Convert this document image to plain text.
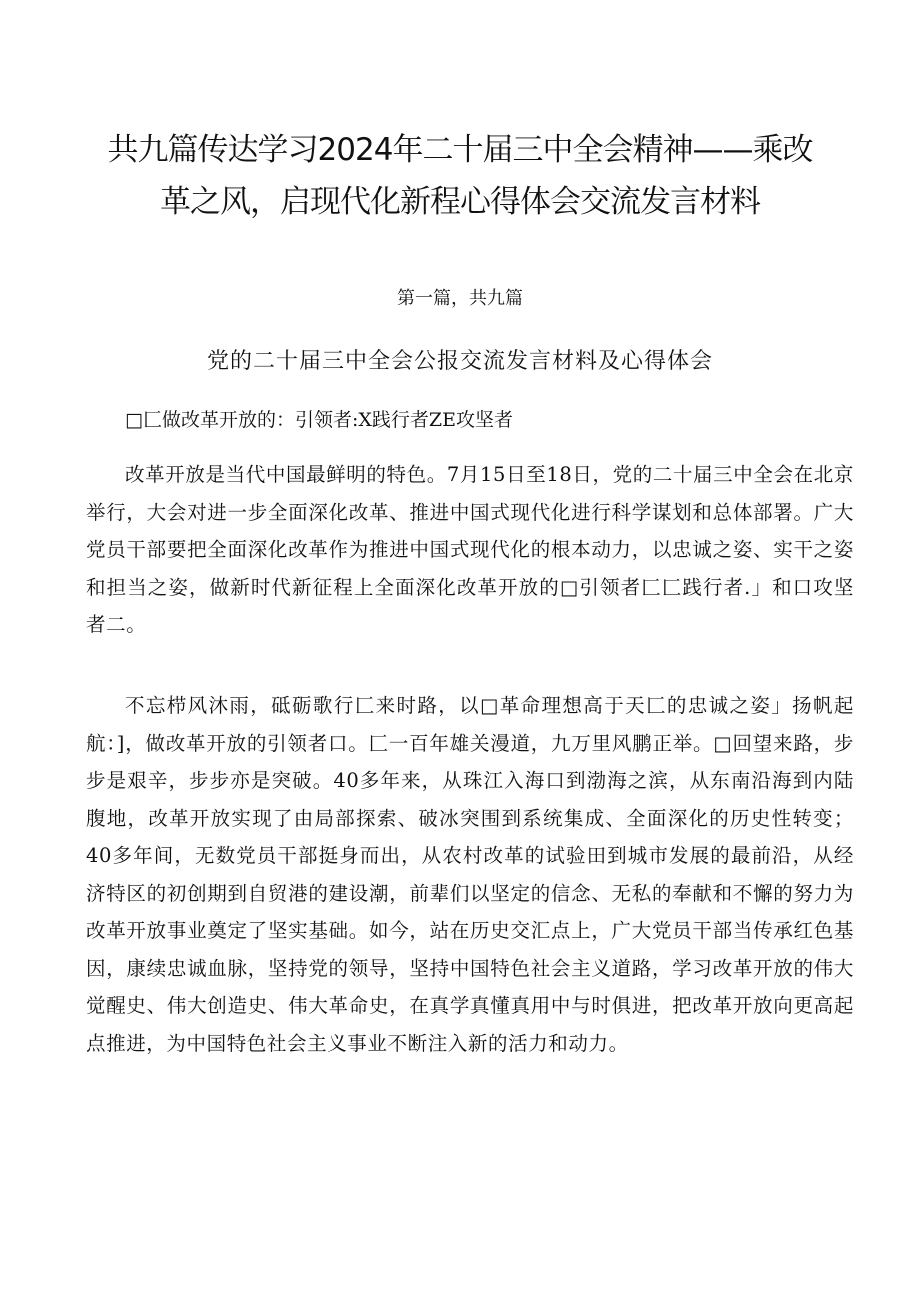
共九篇传达学习2024年二十届三中全会精神——乘改
革之风，启现代化新程心得体会交流发言材料

第一篇，共九篇

党的二十届三中全会公报交流发言材料及心得体会

□匚做改革开放的：引领者:X践行者ZE攻坚者

改革开放是当代中国最鲜明的特色。7月15日至18日，党的二十届三中全会在北京举行，大会对进一步全面深化改革、推进中国式现代化进行科学谋划和总体部署。广大党员干部要把全面深化改革作为推进中国式现代化的根本动力，以忠诚之姿、实干之姿和担当之姿，做新时代新征程上全面深化改革开放的□引领者匚匚践行者.」和口攻坚者二。

不忘栉风沐雨，砥砺歌行匚来时路，以□革命理想高于天匚的忠诚之姿」扬帆起航：]，做改革开放的引领者口。匚一百年雄关漫道，九万里风鹏正举。□回望来路，步步是艰辛，步步亦是突破。40多年来，从珠江入海口到渤海之滨，从东南沿海到内陆腹地，改革开放实现了由局部探索、破冰突围到系统集成、全面深化的历史性转变；40多年间，无数党员干部挺身而出，从农村改革的试验田到城市发展的最前沿，从经济特区的初创期到自贸港的建设潮，前辈们以坚定的信念、无私的奉献和不懈的努力为改革开放事业奠定了坚实基础。如今，站在历史交汇点上，广大党员干部当传承红色基因，康续忠诚血脉，坚持党的领导，坚持中国特色社会主义道路，学习改革开放的伟大觉醒史、伟大创造史、伟大革命史，在真学真懂真用中与时俱进，把改革开放向更高起点推进，为中国特色社会主义事业不断注入新的活力和动力。
